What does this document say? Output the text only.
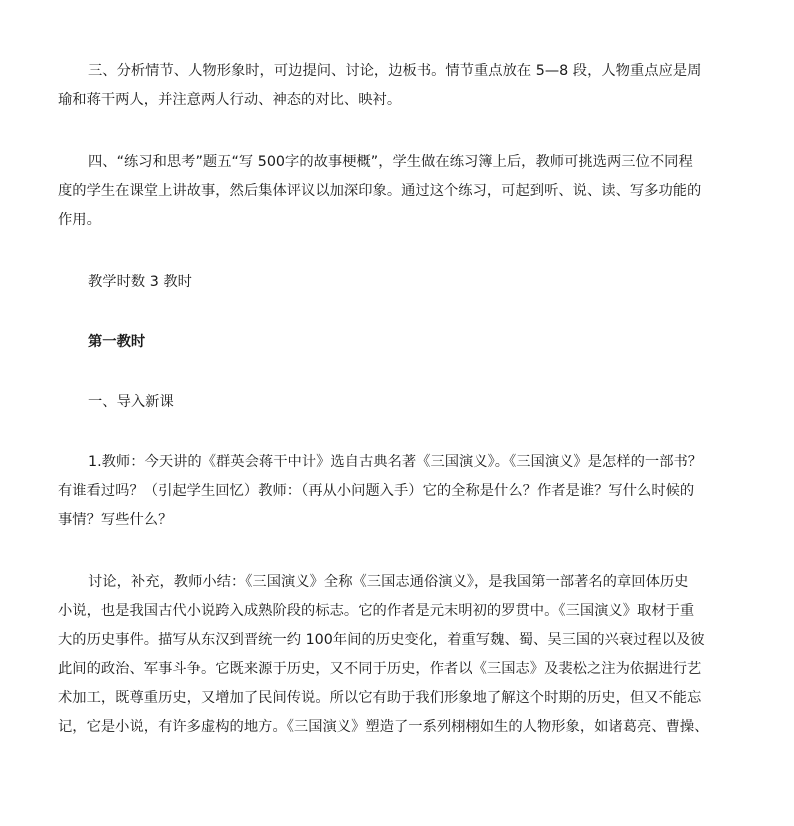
三、分析情节、人物形象时，可边提问、讨论，边板书。情节重点放在 5—8 段，人物重点应是周
瑜和蒋干两人，并注意两人行动、神态的对比、映衬。
四、“练习和思考”题五“写 500字的故事梗概”，学生做在练习簿上后，教师可挑选两三位不同程
度的学生在课堂上讲故事，然后集体评议以加深印象。通过这个练习，可起到听、说、读、写多功能的
作用。
教学时数 3 教时
第一教时
一、导入新课
1.教师：今天讲的《群英会蒋干中计》选自古典名著《三国演义》。《三国演义》是怎样的一部书？
有谁看过吗？（引起学生回忆）教师：（再从小问题入手）它的全称是什么？作者是谁？写什么时候的
事情？写些什么？
讨论，补充，教师小结：《三国演义》全称《三国志通俗演义》，是我国第一部著名的章回体历史
小说，也是我国古代小说跨入成熟阶段的标志。它的作者是元末明初的罗贯中。《三国演义》取材于重
大的历史事件。描写从东汉到晋统一约 100年间的历史变化，着重写魏、蜀、吴三国的兴衰过程以及彼
此间的政治、军事斗争。它既来源于历史，又不同于历史，作者以《三国志》及裴松之注为依据进行艺
术加工，既尊重历史，又增加了民间传说。所以它有助于我们形象地了解这个时期的历史，但又不能忘
记，它是小说，有许多虚构的地方。《三国演义》塑造了一系列栩栩如生的人物形象，如诸葛亮、曹操、
